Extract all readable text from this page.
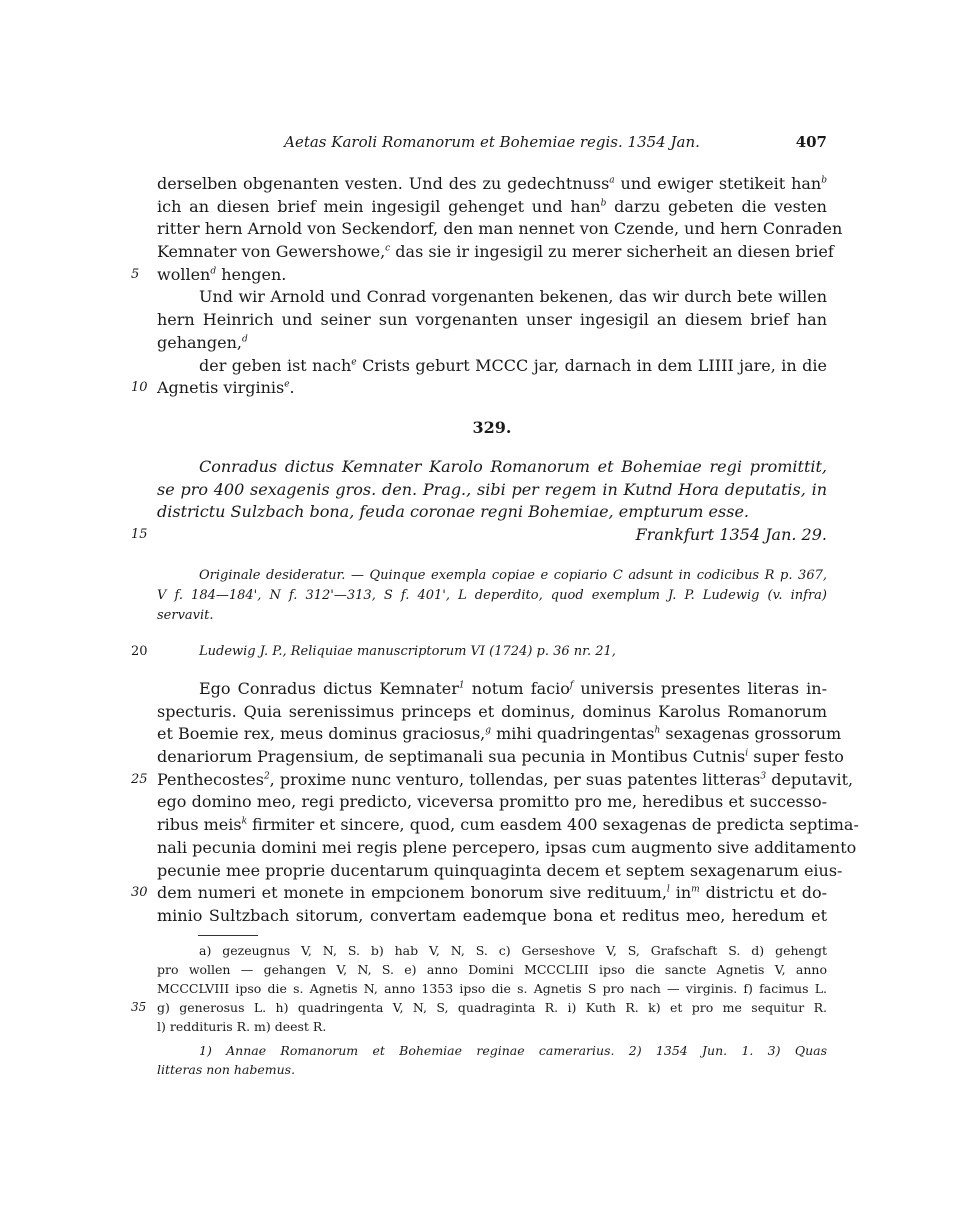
Aetas Karoli Romanorum et Bohemiae regis. 1354 Jan.	407
derselben obgenanten vesten. Und des zu gedechtnuss$^a$ und ewiger stetikeit han$^b$
ich an diesen brief mein ingesigil gehenget und han$^b$ darzu gebeten die vesten
ritter hern Arnold von Seckendorf, den man nennet von Czende, und hern Conraden
Kemnater von Gewershowe,$^c$ das sie ir ingesigil zu merer sicherheit an diesen brief
5	wollen$^d$ hengen.
Und wir Arnold und Conrad vorgenanten bekenen, das wir durch bete willen
hern Heinrich und seiner sun vorgenanten unser ingesigil an diesem brief han
gehangen,$^d$
der geben ist nach$^e$ Crists geburt MCCC jar, darnach in dem LIIII jare, in die
10 Agnetis virginis$^e$.
329.
Conradus dictus Kemnater Karolo Romanorum et Bohemiae regi promittit,
se pro 400 sexagenis gros. den. Prag., sibi per regem in Kutnd Hora deputatis, in
districtu Sulzbach bona, feuda coronae regni Bohemiae, empturum esse.
15	Frankfurt 1354 Jan. 29.
Originale desideratur. — Quinque exempla copiae e copiario C adsunt in codicibus R p. 367,
V f. 184—184', N f. 312'—313, S f. 401', L deperdito, quod exemplum J. P. Ludewig (v. infra)
servavit.
20	Ludewig J. P., Reliquiae manuscriptorum VI (1724) p. 36 nr. 21,
Ego Conradus dictus Kemnater$^1$ notum facio$^f$ universis presentes literas in-
specturis. Quia serenissimus princeps et dominus, dominus Karolus Romanorum
et Boemie rex, meus dominus graciosus,$^g$ mihi quadringentas$^h$ sexagenas grossorum
denariorum Pragensium, de septimanali sua pecunia in Montibus Cutnis$^i$ super festo
25 Penthecostes$^2$, proxime nunc venturo, tollendas, per suas patentes litteras$^3$ deputavit,
ego domino meo, regi predicto, viceversa promitto pro me, heredibus et successo-
ribus meis$^k$ firmiter et sincere, quod, cum easdem 400 sexagenas de predicta septima-
nali pecunia domini mei regis plene percepero, ipsas cum augmento sive additamento
pecunie mee proprie ducentarum quinquaginta decem et septem sexagenarum eius-
30 dem numeri et monete in empcionem bonorum sive redituum,$^l$ $in^m$ districtu et do-
minio Sultzbach sitorum, convertam eademque bona et reditus meo, heredum et
a) gezeugnus V, N, S. b) hab V, N, S. c) Gerseshove V, S, Grafschaft S. d) gehengt
pro wollen — gehangen V, N, S. e) anno Domini MCCCLIII ipso die sancte Agnetis V, anno
MCCCLVIII ipso die s. Agnetis N, anno 1353 ipso die s. Agnetis S pro nach — virginis. f) facimus L.
35 g) generosus L. h) quadringenta V, N, S, quadraginta R. i) Kuth R. k) et pro me sequitur R.
l) reddituris R. m) deest R.
1) Annae Romanorum et Bohemiae reginae camerarius. 2) 1354 Jun. 1. 3) Quas
litteras non habemus.
